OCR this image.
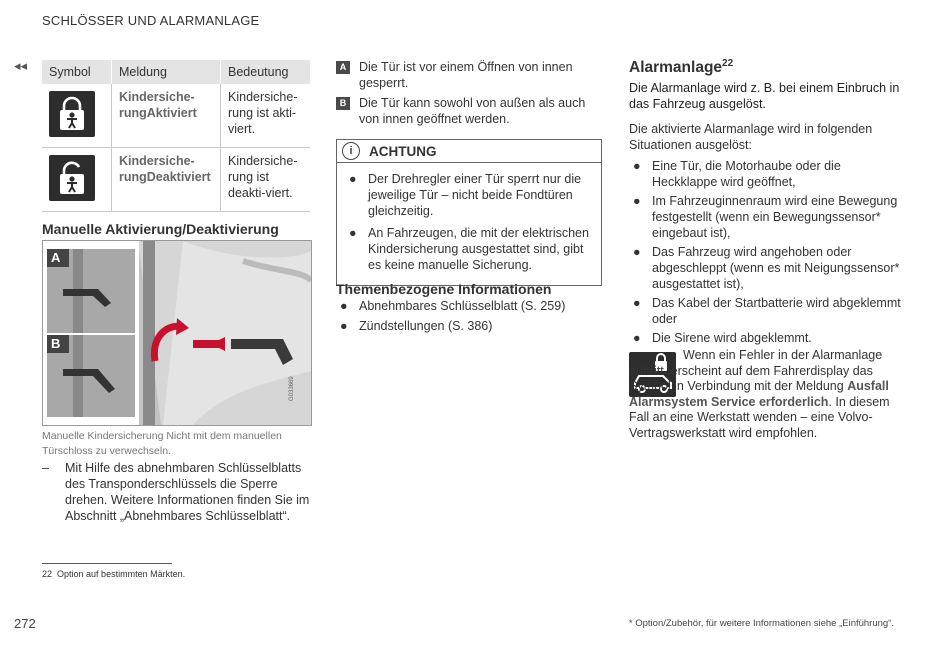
SCHLÖSSER UND ALARMANLAGE
◂◂ Symbol	Meldung	Bedeutung

	Kindersiche-rungAktiviert	Kindersiche-rung ist akti-viert.

	Kindersiche-rungDeaktiviert	Kindersiche-rung ist deakti-viert.
Manuelle Aktivierung/Deaktivierung
A
B
G033669
Manuelle Kindersicherung Nicht mit dem manuellen Türschloss zu verwechseln.
– Mit Hilfe des abnehmbaren Schlüsselblatts des Transponderschlüssels die Sperre drehen. Weitere Informationen finden Sie im Abschnitt „Abnehmbares Schlüsselblatt“.
22 Option auf bestimmten Märkten.
A	Die Tür ist vor einem Öffnen von innen gesperrt.
B	Die Tür kann sowohl von außen als auch von innen geöffnet werden.
i	ACHTUNG
● Der Drehregler einer Tür sperrt nur die jeweilige Tür – nicht beide Fondtüren gleichzeitig.
● An Fahrzeugen, die mit der elektrischen Kindersicherung ausgestattet sind, gibt es keine manuelle Sicherung.
Themenbezogene Informationen
● Abnehmbares Schlüsselblatt (S. 259)
● Zündstellungen (S. 386)
Alarmanlage$^{22}$
Die Alarmanlage wird z. B. bei einem Einbruch in das Fahrzeug ausgelöst.
Die aktivierte Alarmanlage wird in folgenden Situationen ausgelöst:
● Eine Tür, die Motorhaube oder die Heckklappe wird geöffnet,
● Im Fahrzeuginnenraum wird eine Bewegung festgestellt (wenn ein Bewegungssensor* eingebaut ist),
● Das Fahrzeug wird angehoben oder abgeschleppt (wenn es mit Neigungssensor* ausgestattet ist),
● Das Kabel der Startbatterie wird abgeklemmt oder
● Die Sirene wird abgeklemmt.
Wenn ein Fehler in der Alarmanlage auftritt, erscheint auf dem Fahrerdisplay das Symbol in Verbindung mit der Meldung Ausfall Alarmsystem Service erforderlich. In diesem Fall an eine Werkstatt wenden – eine Volvo-Vertragswerkstatt wird empfohlen.
272	* Option/Zubehör, für weitere Informationen siehe „Einführung“.
